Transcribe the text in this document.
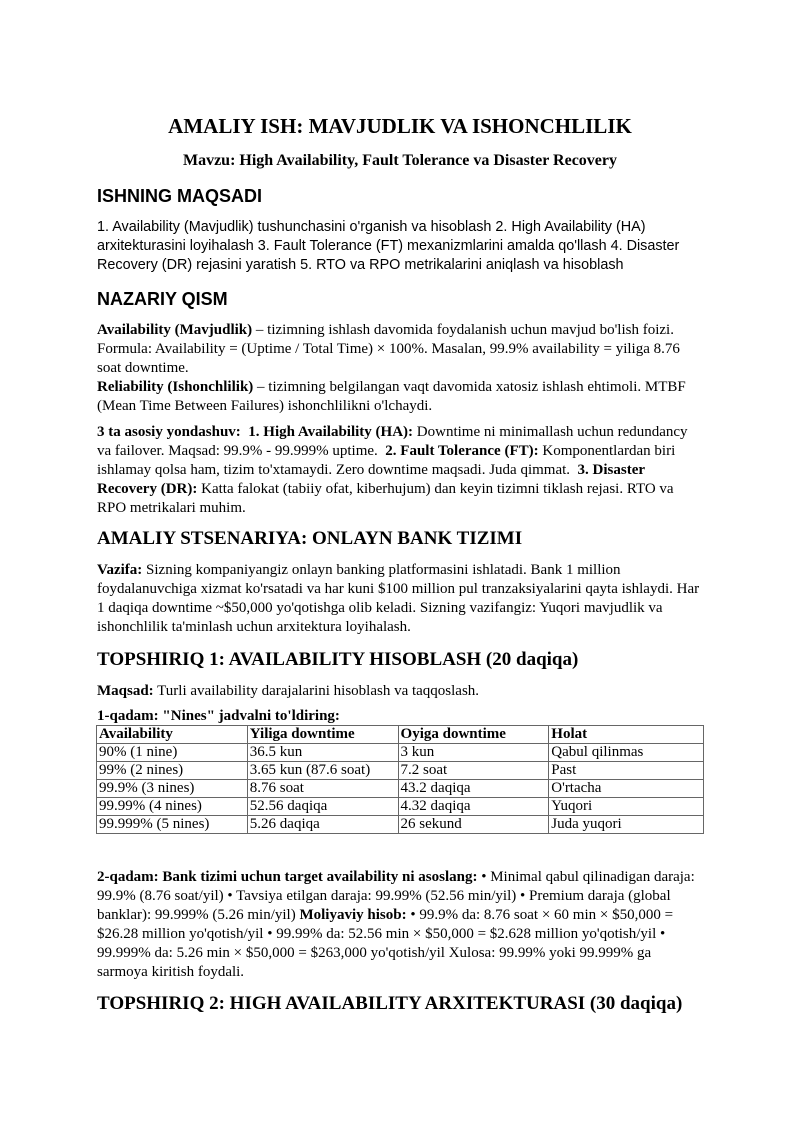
AMALIY ISH: MAVJUDLIK VA ISHONCHLILIK
Mavzu: High Availability, Fault Tolerance va Disaster Recovery
ISHNING MAQSADI
1. Availability (Mavjudlik) tushunchasini o'rganish va hisoblash 2. High Availability (HA) arxitekturasini loyihalash 3. Fault Tolerance (FT) mexanizmlarini amalda qo'llash 4. Disaster Recovery (DR) rejasini yaratish 5. RTO va RPO metrikalarini aniqlash va hisoblash
NAZARIY QISM
Availability (Mavjudlik) – tizimning ishlash davomida foydalanish uchun mavjud bo'lish foizi. Formula: Availability = (Uptime / Total Time) × 100%. Masalan, 99.9% availability = yiliga 8.76 soat downtime.
Reliability (Ishonchlilik) – tizimning belgilangan vaqt davomida xatosiz ishlash ehtimoli. MTBF (Mean Time Between Failures) ishonchlilikni o'lchaydi.
3 ta asosiy yondashuv: 1. High Availability (HA): Downtime ni minimallash uchun redundancy va failover. Maqsad: 99.9% - 99.999% uptime. 2. Fault Tolerance (FT): Komponentlardan biri ishlamay qolsa ham, tizim to'xtamaydi. Zero downtime maqsadi. Juda qimmat. 3. Disaster Recovery (DR): Katta falokat (tabiiy ofat, kiberhujum) dan keyin tizimni tiklash rejasi. RTO va RPO metrikalari muhim.
AMALIY STSENARIYA: ONLAYN BANK TIZIMI
Vazifa: Sizning kompaniyangiz onlayn banking platformasini ishlatadi. Bank 1 million foydalanuvchiga xizmat ko'rsatadi va har kuni $100 million pul tranzaksiyalarini qayta ishlaydi. Har 1 daqiqa downtime ~$50,000 yo'qotishga olib keladi. Sizning vazifangiz: Yuqori mavjudlik va ishonchlilik ta'minlash uchun arxitektura loyihalash.
TOPSHIRIQ 1: AVAILABILITY HISOBLASH (20 daqiqa)
Maqsad: Turli availability darajalarini hisoblash va taqqoslash.
1-qadam: "Nines" jadvalni to'ldiring:
Availability	Yiliga downtime	Oyiga downtime	Holat
90% (1 nine)	36.5 kun	3 kun	Qabul qilinmas
99% (2 nines)	3.65 kun (87.6 soat)	7.2 soat	Past
99.9% (3 nines)	8.76 soat	43.2 daqiqa	O'rtacha
99.99% (4 nines)	52.56 daqiqa	4.32 daqiqa	Yuqori
99.999% (5 nines)	5.26 daqiqa	26 sekund	Juda yuqori
2-qadam: Bank tizimi uchun target availability ni asoslang: • Minimal qabul qilinadigan daraja: 99.9% (8.76 soat/yil) • Tavsiya etilgan daraja: 99.99% (52.56 min/yil) • Premium daraja (global banklar): 99.999% (5.26 min/yil) Moliyaviy hisob: • 99.9% da: 8.76 soat × 60 min × $50,000 = $26.28 million yo'qotish/yil • 99.99% da: 52.56 min × $50,000 = $2.628 million yo'qotish/yil • 99.999% da: 5.26 min × $50,000 = $263,000 yo'qotish/yil Xulosa: 99.99% yoki 99.999% ga sarmoya kiritish foydali.
TOPSHIRIQ 2: HIGH AVAILABILITY ARXITEKTURASI (30 daqiqa)
